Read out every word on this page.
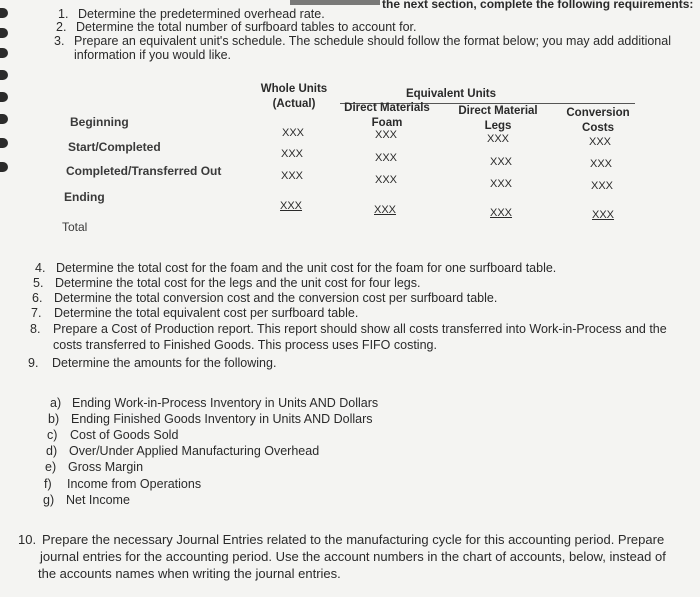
the next section, complete the following requirements:
1. Determine the predetermined overhead rate.
2. Determine the total number of surfboard tables to account for.
3. Prepare an equivalent unit's schedule. The schedule should follow the format below; you may add additional
information if you would like.
Whole Units
(Actual)
Equivalent Units
Direct Materials
Foam
Direct Material
Legs
Conversion
Costs
Beginning
Start/Completed
Completed/Transferred Out
Ending
Total
XXX
XXX
XXX
XXX
XXX
XXX
XXX
XXX
XXX
XXX
XXX
XXX
XXX
XXX
XXX
XXX
4. Determine the total cost for the foam and the unit cost for the foam for one surfboard table.
5. Determine the total cost for the legs and the unit cost for four legs.
6. Determine the total conversion cost and the conversion cost per surfboard table.
7. Determine the total equivalent cost per surfboard table.
8. Prepare a Cost of Production report. This report should show all costs transferred into Work-in-Process and the
costs transferred to Finished Goods. This process uses FIFO costing.
9. Determine the amounts for the following.
a) Ending Work-in-Process Inventory in Units AND Dollars
b) Ending Finished Goods Inventory in Units AND Dollars
c) Cost of Goods Sold
d) Over/Under Applied Manufacturing Overhead
e) Gross Margin
f) Income from Operations
g) Net Income
10. Prepare the necessary Journal Entries related to the manufacturing cycle for this accounting period. Prepare
journal entries for the accounting period. Use the account numbers in the chart of accounts, below, instead of
the accounts names when writing the journal entries.
